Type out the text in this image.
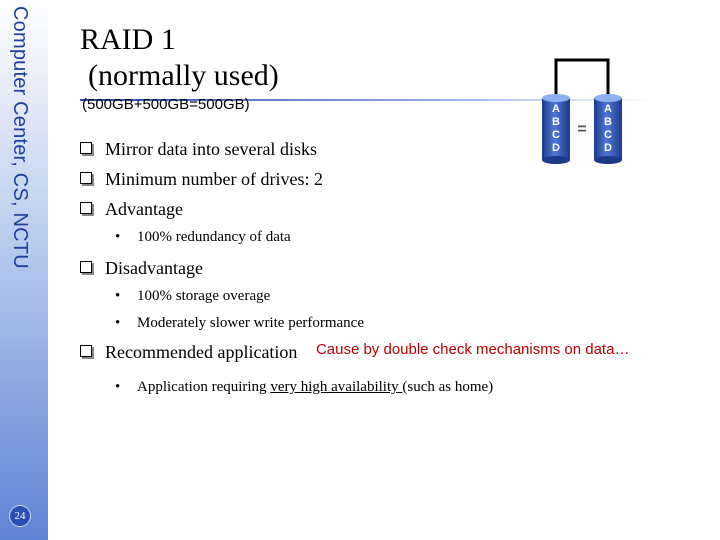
Computer Center, CS, NCTU
24
RAID 1
(normally used)
(500GB+500GB=500GB)	A
B
C
D
A
B
C
D
=
Mirror data into several disks
Minimum number of drives: 2
Advantage
• 100% redundancy of data
Disadvantage
• 100% storage overage
• Moderately slower write performance
Recommended application $^{Cause by double check mechanisms on data\dots}$
• Application requiring very high availability (such as home)
